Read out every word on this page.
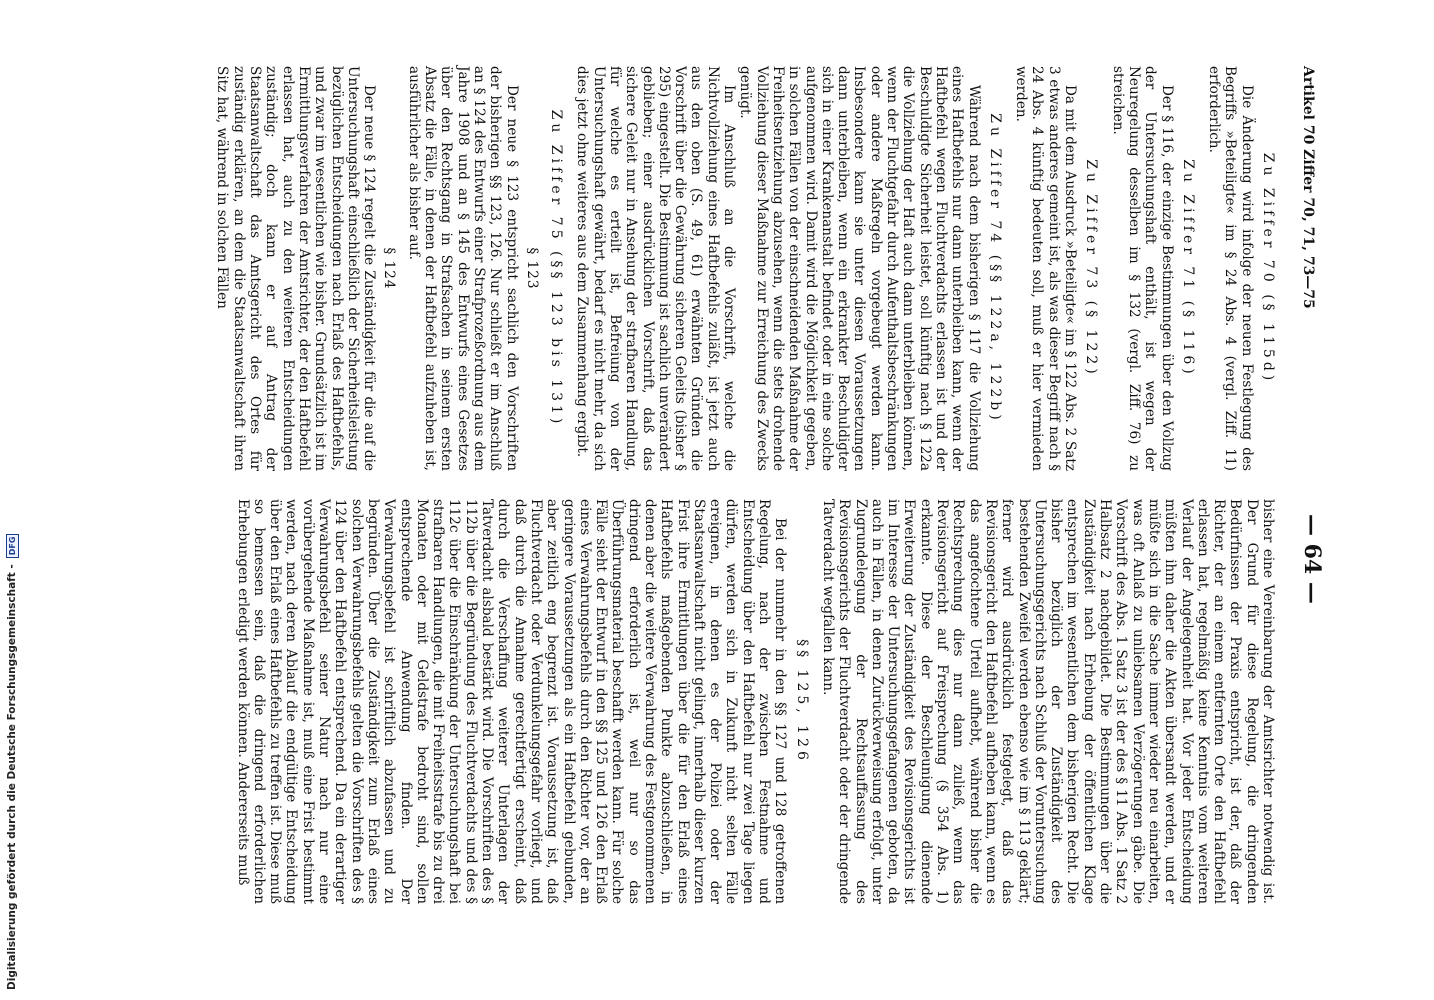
Artikel 70 Ziffer 70, 71, 73—75
— 64 —
Zu Ziffer 70 (§ 115d)

Die Änderung wird infolge der neuen Festlegung des Begriffs »Beteiligte« im § 24 Abs. 4 (vergl. Ziff. 11) erforderlich.

Zu Ziffer 71 (§ 116)

Der § 116, der einzige Bestimmungen über den Vollzug der Untersuchungshaft enthält, ist wegen der Neuregelung desselben im § 132 (vergl. Ziff. 76) zu streichen.

Zu Ziffer 73 (§ 122)

Da mit dem Ausdruck »Beteiligte« im § 122 Abs. 2 Satz 3 etwas anderes gemeint ist, als was dieser Begriff nach § 24 Abs. 4 künftig bedeuten soll, muß er hier vermieden werden.

Zu Ziffer 74 (§§ 122a, 122b)

Während nach dem bisherigen § 117 die Vollziehung eines Haftbefehls nur dann unterbleiben kann, wenn der Haftbefehl wegen Fluchtverdachts erlassen ist und der Beschuldigte Sicherheit leistet, soll künftig nach § 122a die Vollziehung der Haft auch dann unterbleiben können, wenn der Fluchtgefahr durch Aufenthaltsbeschränkungen oder andere Maßregeln vorgebeugt werden kann. Insbesondere kann sie unter diesen Voraussetzungen dann unterbleiben, wenn ein erkrankter Beschuldigter sich in einer Krankenanstalt befindet oder in eine solche aufgenommen wird. Damit wird die Möglichkeit gegeben, in solchen Fällen von der einschneidenden Maßnahme der Freiheitsentziehung abzusehen, wenn die stets drohende Vollziehung dieser Maßnahme zur Erreichung des Zwecks genügt.

Im Anschluß an die Vorschrift, welche die Nichtvollziehung eines Haftbefehls zuläßt, ist jetzt auch aus den oben (S. 49, 61) erwähnten Gründen die Vorschrift über die Gewährung sicheren Geleits (bisher § 295) eingestellt. Die Bestimmung ist sachlich unverändert geblieben; einer ausdrücklichen Vorschrift, daß das sichere Geleit nur in Ansehung der strafbaren Handlung, für welche es erteilt ist, Befreiung von der Untersuchungshaft gewährt, bedarf es nicht mehr, da sich dies jetzt ohne weiteres aus dem Zusammenhang ergibt.

Zu Ziffer 75 (§§ 123 bis 131)
§ 123

Der neue § 123 entspricht sachlich den Vorschriften der bisherigen §§ 123, 126. Nur schließt er im Anschluß an § 124 des Entwurfs einer Strafprozeßordnung aus dem Jahre 1908 und an § 145 des Entwurfs eines Gesetzes über den Rechtsgang in Strafsachen in seinem ersten Absatz die Fälle, in denen der Haftbefehl aufzuheben ist, ausführlicher als bisher auf.

§ 124

Der neue § 124 regelt die Zuständigkeit für die auf die Untersuchungshaft einschließlich der Sicherheitsleistung bezüglichen Entscheidungen nach Erlaß des Haftbefehls, und zwar im wesentlichen wie bisher. Grundsätzlich ist im Ermittlungsverfahren der Amtsrichter, der den Haftbefehl erlassen hat, auch zu den weiteren Entscheidungen zuständig; doch kann er auf Antrag der Staatsanwaltschaft das Amtsgericht des Ortes für zuständig erklären, an dem die Staatsanwaltschaft ihren Sitz hat, während in solchen Fällen

bisher eine Vereinbarung der Amtsrichter notwendig ist. Der Grund für diese Regelung, die dringenden Bedürfnissen der Praxis entspricht, ist der, daß der Richter, der an einem entfernten Orte den Haftbefehl erlassen hat, regelmäßig keine Kenntnis vom weiteren Verlauf der Angelegenheit hat. Vor jeder Entscheidung müßten ihm daher die Akten übersandt werden, und er müßte sich in die Sache immer wieder neu einarbeiten, was oft Anlaß zu unliebsamen Verzögerungen gäbe. Die Vorschrift des Abs. 1 Satz 3 ist der des § 11 Abs. 1 Satz 2 Halbsatz 2 nachgebildet. Die Bestimmungen über die Zuständigkeit nach Erhebung der öffentlichen Klage entsprechen im wesentlichen dem bisherigen Recht. Die bisher bezüglich der Zuständigkeit des Untersuchungsgerichts nach Schluß der Voruntersuchung bestehenden Zweifel werden ebenso wie im § 113 geklärt; ferner wird ausdrücklich festgelegt, daß das Revisionsgericht den Haftbefehl aufheben kann, wenn es das angefochtene Urteil aufhebt, während bisher die Rechtsprechung dies nur dann zuließ, wenn das Revisionsgericht auf Freisprechung (§ 354 Abs. 1) erkannte. Diese der Beschleunigung dienende Erweiterung der Zuständigkeit des Revisionsgerichts ist im Interesse der Untersuchungsgefangenen geboten, da auch in Fällen, in denen Zurückverweisung erfolgt, unter Zugrundelegung der Rechtsauffassung des Revisionsgerichts der Fluchtverdacht oder der dringende Tatverdacht wegfallen kann.

§§ 125, 126

Bei der nunmehr in den §§ 127 und 128 getroffenen Regelung, nach der zwischen Festnahme und Entscheidung über den Haftbefehl nur zwei Tage liegen dürfen, werden sich in Zukunft nicht selten Fälle ereignen, in denen es der Polizei oder der Staatsanwaltschaft nicht gelingt, innerhalb dieser kurzen Frist ihre Ermittlungen über die für den Erlaß eines Haftbefehls maßgebenden Punkte abzuschließen, in denen aber die weitere Verwahrung des Festgenommenen dringend erforderlich ist, weil nur so das Überführungsmaterial beschafft werden kann. Für solche Fälle sieht der Entwurf in den §§ 125 und 126 den Erlaß eines Verwahrungsbefehls durch den Richter vor, der an geringere Voraussetzungen als ein Haftbefehl gebunden, aber zeitlich eng begrenzt ist. Voraussetzung ist, daß Fluchtverdacht oder Verdunkelungsgefahr vorliegt, und daß durch die Annahme gerechtfertigt erscheint, daß durch die Verschaffung weiterer Unterlagen der Tatverdacht alsbald bestärkt wird. Die Vorschriften des § 112b über die Begründung des Fluchtverdachts und des § 112c über die Einschränkung der Untersuchungshaft bei strafbaren Handlungen, die mit Freiheitsstrafe bis zu drei Monaten oder mit Geldstrafe bedroht sind, sollen entsprechende Anwendung finden. Der Verwahrungsbefehl ist schriftlich abzufassen und zu begründen. Über die Zuständigkeit zum Erlaß eines solchen Verwahrungsbefehls gelten die Vorschriften des § 124 über den Haftbefehl entsprechend. Da ein derartiger Verwahrungsbefehl seiner Natur nach nur eine vorübergehende Maßnahme ist, muß eine Frist bestimmt werden, nach deren Ablauf die endgültige Entscheidung über den Erlaß eines Haftbefehls zu treffen ist. Diese muß so bemessen sein, daß die dringend erforderlichen Erhebungen erledigt werden können. Andererseits muß

Digitalisierung gefördert durch die Deutsche Forschungsgemeinschaft -
DFG
